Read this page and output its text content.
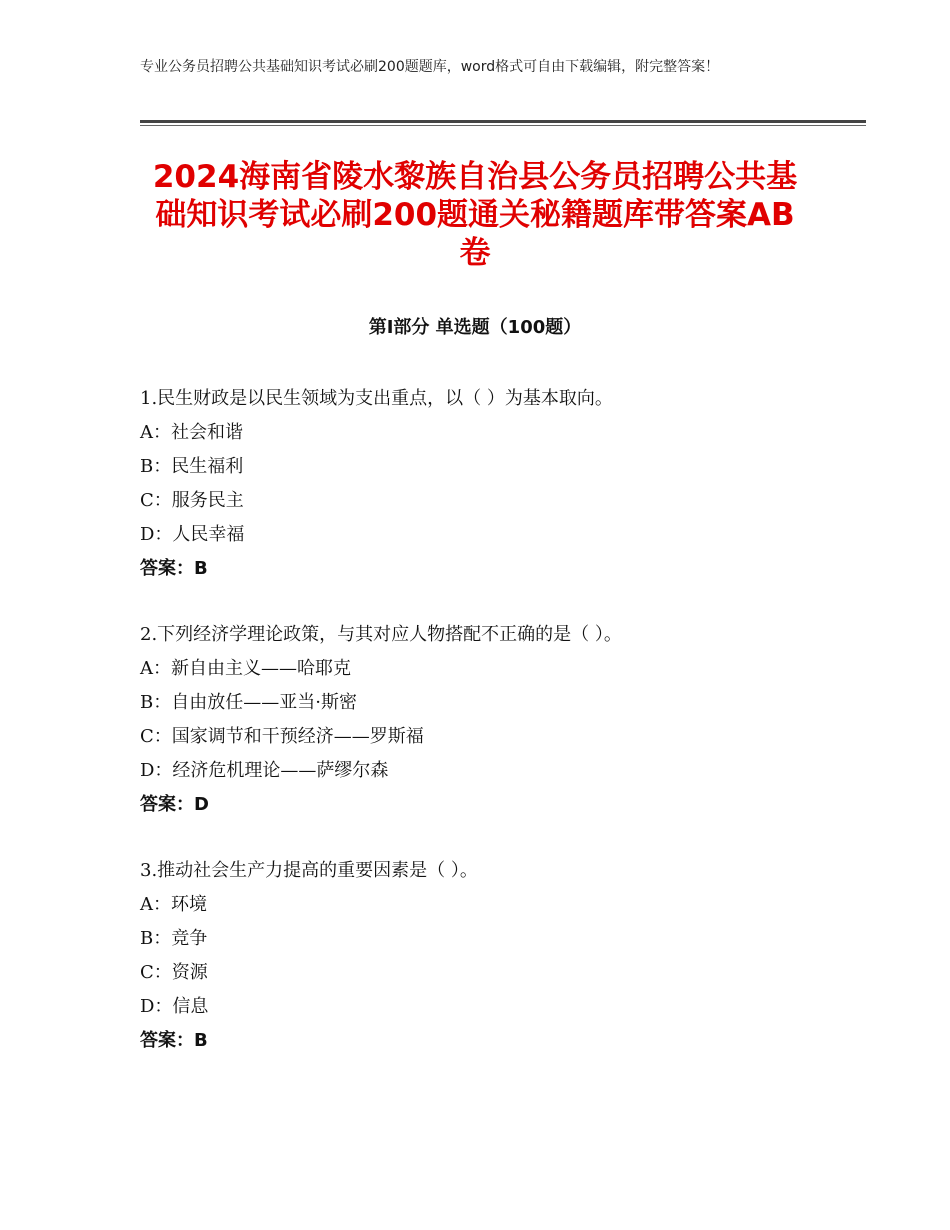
专业公务员招聘公共基础知识考试必刷200题题库，word格式可自由下载编辑，附完整答案！
2024海南省陵水黎族自治县公务员招聘公共基础知识考试必刷200题通关秘籍题库带答案AB卷
第Ⅰ部分 单选题（100题）
1.民生财政是以民生领域为支出重点，以（ ）为基本取向。
A：社会和谐
B：民生福利
C：服务民主
D：人民幸福
答案：B
2.下列经济学理论政策，与其对应人物搭配不正确的是（ ）。
A：新自由主义——哈耶克
B：自由放任——亚当·斯密
C：国家调节和干预经济——罗斯福
D：经济危机理论——萨缪尔森
答案：D
3.推动社会生产力提高的重要因素是（ ）。
A：环境
B：竞争
C：资源
D：信息
答案：B
